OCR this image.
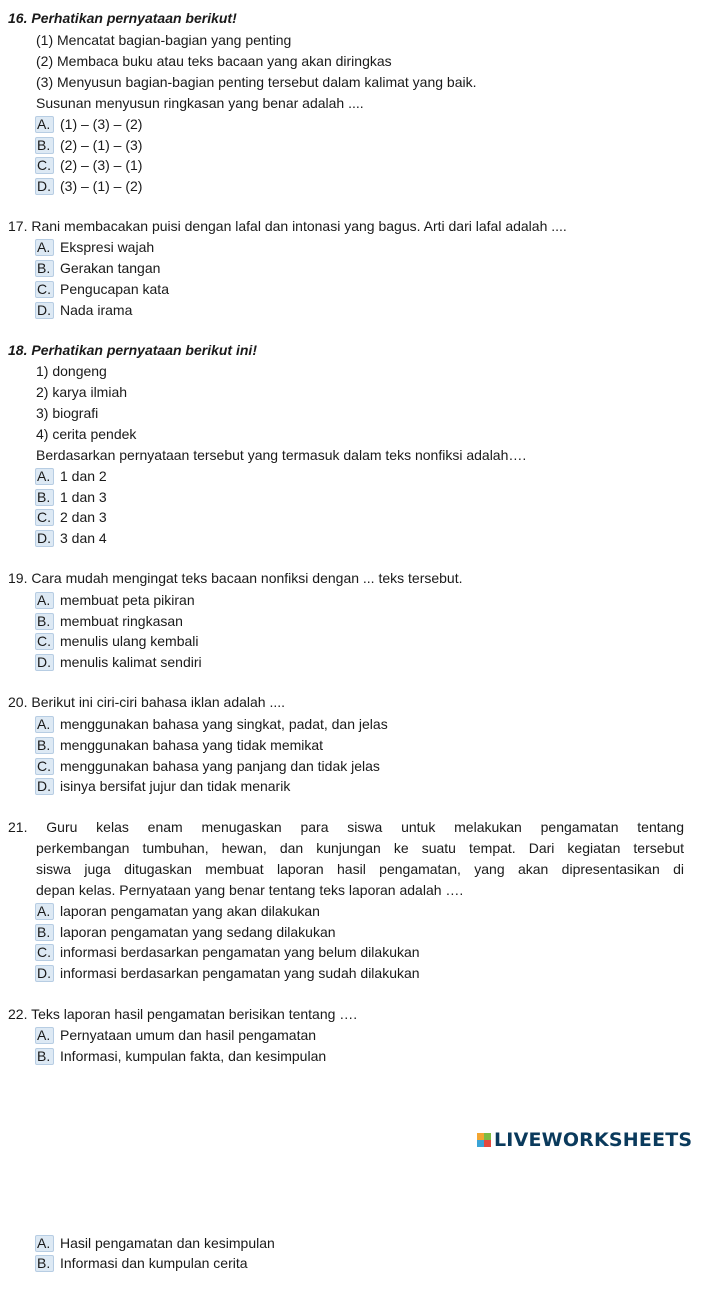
16. Perhatikan pernyataan berikut!
(1) Mencatat bagian-bagian yang penting
(2) Membaca buku atau teks bacaan yang akan diringkas
(3) Menyusun bagian-bagian penting tersebut dalam kalimat yang baik.
Susunan menyusun ringkasan yang benar adalah ....
A. (1) – (3) – (2)
B. (2) – (1) – (3)
C. (2) – (3) – (1)
D. (3) – (1) – (2)
17. Rani membacakan puisi dengan lafal dan intonasi yang bagus. Arti dari lafal adalah ....
A. Ekspresi wajah
B. Gerakan tangan
C. Pengucapan kata
D. Nada irama
18. Perhatikan pernyataan berikut ini!
1) dongeng
2) karya ilmiah
3) biografi
4) cerita pendek
Berdasarkan pernyataan tersebut yang termasuk dalam teks nonfiksi adalah….
A. 1 dan 2
B. 1 dan 3
C. 2 dan 3
D. 3 dan 4
19. Cara mudah mengingat teks bacaan nonfiksi dengan ... teks tersebut.
A. membuat peta pikiran
B. membuat ringkasan
C. menulis ulang kembali
D. menulis kalimat sendiri
20. Berikut ini ciri-ciri bahasa iklan adalah ....
A. menggunakan bahasa yang singkat, padat, dan jelas
B. menggunakan bahasa yang tidak memikat
C. menggunakan bahasa yang panjang dan tidak jelas
D. isinya bersifat jujur dan tidak menarik
21. Guru kelas enam menugaskan para siswa untuk melakukan pengamatan tentang
perkembangan tumbuhan, hewan, dan kunjungan ke suatu tempat. Dari kegiatan tersebut
siswa juga ditugaskan membuat laporan hasil pengamatan, yang akan dipresentasikan di
depan kelas. Pernyataan yang benar tentang teks laporan adalah ….
A. laporan pengamatan yang akan dilakukan
B. laporan pengamatan yang sedang dilakukan
C. informasi berdasarkan pengamatan yang belum dilakukan
D. informasi berdasarkan pengamatan yang sudah dilakukan
22. Teks laporan hasil pengamatan berisikan tentang ….
A. Pernyataan umum dan hasil pengamatan
B. Informasi, kumpulan fakta, dan kesimpulan
LIVEWORKSHEETS
A. Hasil pengamatan dan kesimpulan
B. Informasi dan kumpulan cerita
